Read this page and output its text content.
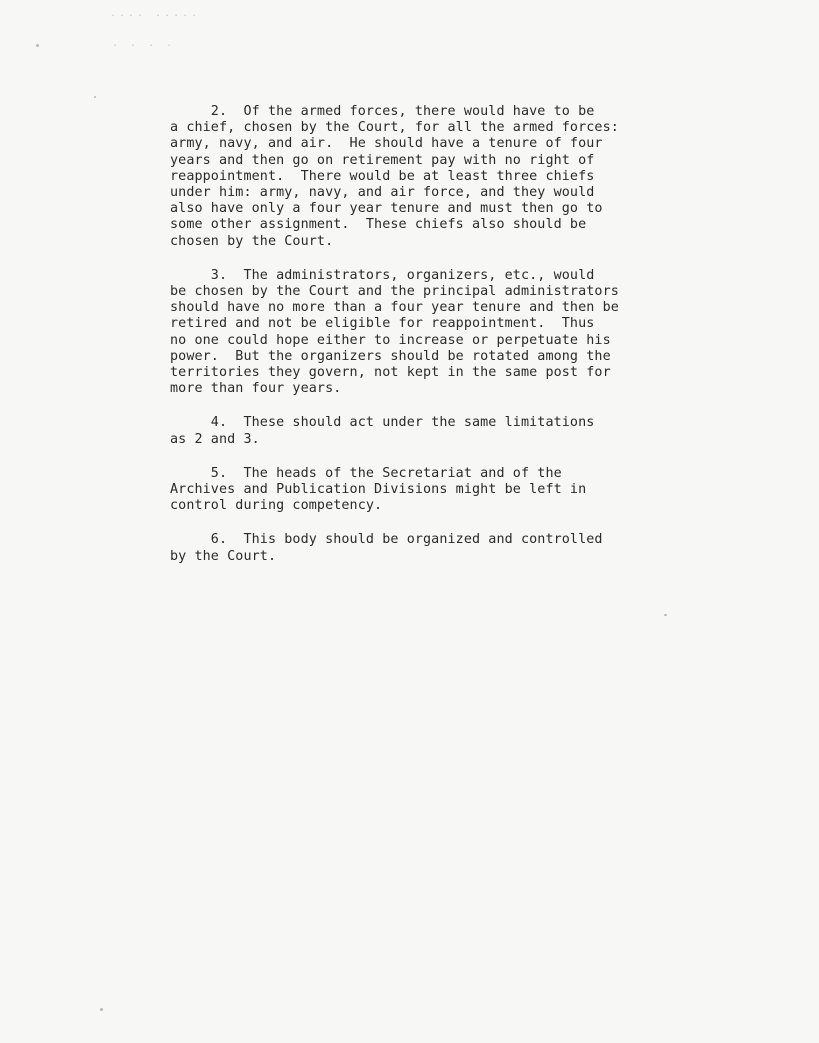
.... .....
. . . .
2.  Of the armed forces, there would have to be
a chief, chosen by the Court, for all the armed forces:
army, navy, and air.  He should have a tenure of four
years and then go on retirement pay with no right of
reappointment.  There would be at least three chiefs
under him: army, navy, and air force, and they would
also have only a four year tenure and must then go to
some other assignment.  These chiefs also should be
chosen by the Court.
3.  The administrators, organizers, etc., would
be chosen by the Court and the principal administrators
should have no more than a four year tenure and then be
retired and not be eligible for reappointment.  Thus
no one could hope either to increase or perpetuate his
power.  But the organizers should be rotated among the
territories they govern, not kept in the same post for
more than four years.
4.  These should act under the same limitations
as 2 and 3.
5.  The heads of the Secretariat and of the
Archives and Publication Divisions might be left in
control during competency.
6.  This body should be organized and controlled
by the Court.
